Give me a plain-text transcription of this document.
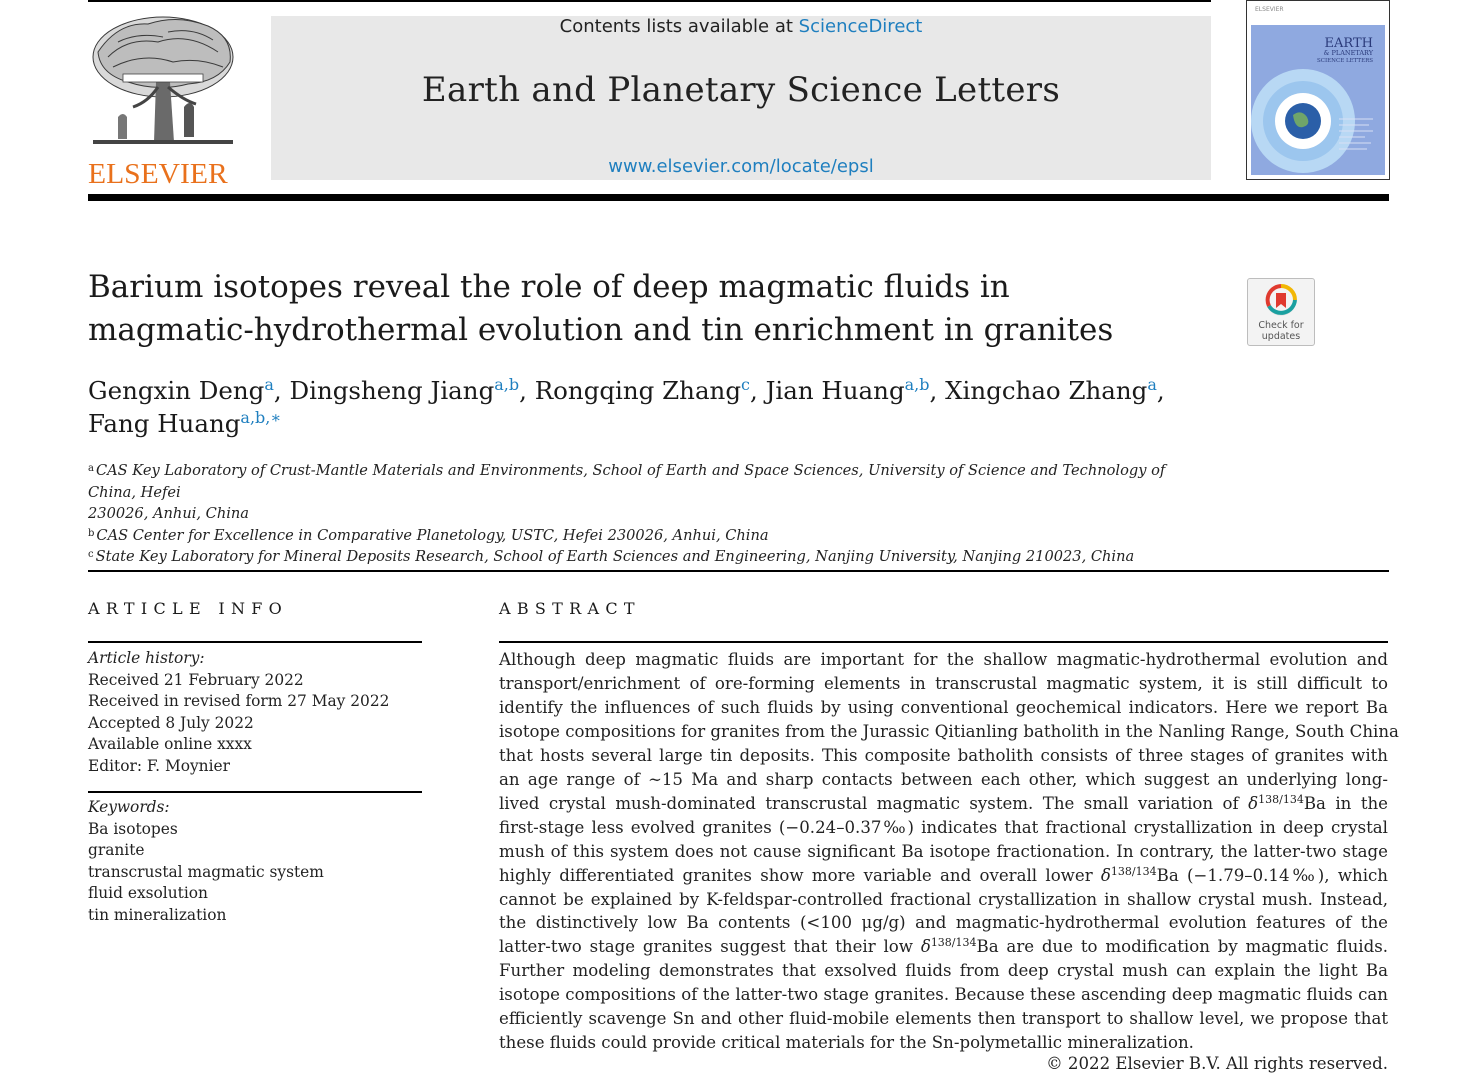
ELSEVIER
Contents lists available at ScienceDirect
Earth and Planetary Science Letters
www.elsevier.com/locate/epsl
ELSEVIER
EARTH
& PLANETARY
SCIENCE LETTERS
Barium isotopes reveal the role of deep magmatic fluids in
magmatic-hydrothermal evolution and tin enrichment in granites	Check for
updates
Gengxin Deng$^a$, Dingsheng Jiang$^{a,b}$, Rongqing Zhang$^c$, Jian Huang$^{a,b}$, Xingchao Zhang$^a$,
Fang Huang$^{a,b,∗}$
$^a$ CAS Key Laboratory of Crust-Mantle Materials and Environments, School of Earth and Space Sciences, University of Science and Technology of China, Hefei
230026, Anhui, China
$^b$ CAS Center for Excellence in Comparative Planetology, USTC, Hefei 230026, Anhui, China
$^c$ State Key Laboratory for Mineral Deposits Research, School of Earth Sciences and Engineering, Nanjing University, Nanjing 210023, China
ARTICLE INFO
Article history:
Received 21 February 2022
Received in revised form 27 May 2022
Accepted 8 July 2022
Available online xxxx
Editor: F. Moynier
Keywords:
Ba isotopes
granite
transcrustal magmatic system
fluid exsolution
tin mineralization
ABSTRACT
Although deep magmatic fluids are important for the shallow magmatic-hydrothermal evolution and
transport/enrichment of ore-forming elements in transcrustal magmatic system, it is still difficult to
identify the influences of such fluids by using conventional geochemical indicators. Here we report Ba
isotope compositions for granites from the Jurassic Qitianling batholith in the Nanling Range, South China
that hosts several large tin deposits. This composite batholith consists of three stages of granites with
an age range of ∼15 Ma and sharp contacts between each other, which suggest an underlying long-
lived crystal mush-dominated transcrustal magmatic system. The small variation of $\delta^{138/134}Ba$ in the
first-stage less evolved granites (−0.24–0.37‰) indicates that fractional crystallization in deep crystal
mush of this system does not cause significant Ba isotope fractionation. In contrary, the latter-two stage
highly differentiated granites show more variable and overall lower $\delta^{138/134}Ba$ (−1.79–0.14‰), which
cannot be explained by K-feldspar-controlled fractional crystallization in shallow crystal mush. Instead,
the distinctively low Ba contents (<100 μg/g) and magmatic-hydrothermal evolution features of the
latter-two stage granites suggest that their low $\delta^{138/134}Ba$ are due to modification by magmatic fluids.
Further modeling demonstrates that exsolved fluids from deep crystal mush can explain the light Ba
isotope compositions of the latter-two stage granites. Because these ascending deep magmatic fluids can
efficiently scavenge Sn and other fluid-mobile elements then transport to shallow level, we propose that
these fluids could provide critical materials for the Sn-polymetallic mineralization.
© 2022 Elsevier B.V. All rights reserved.
